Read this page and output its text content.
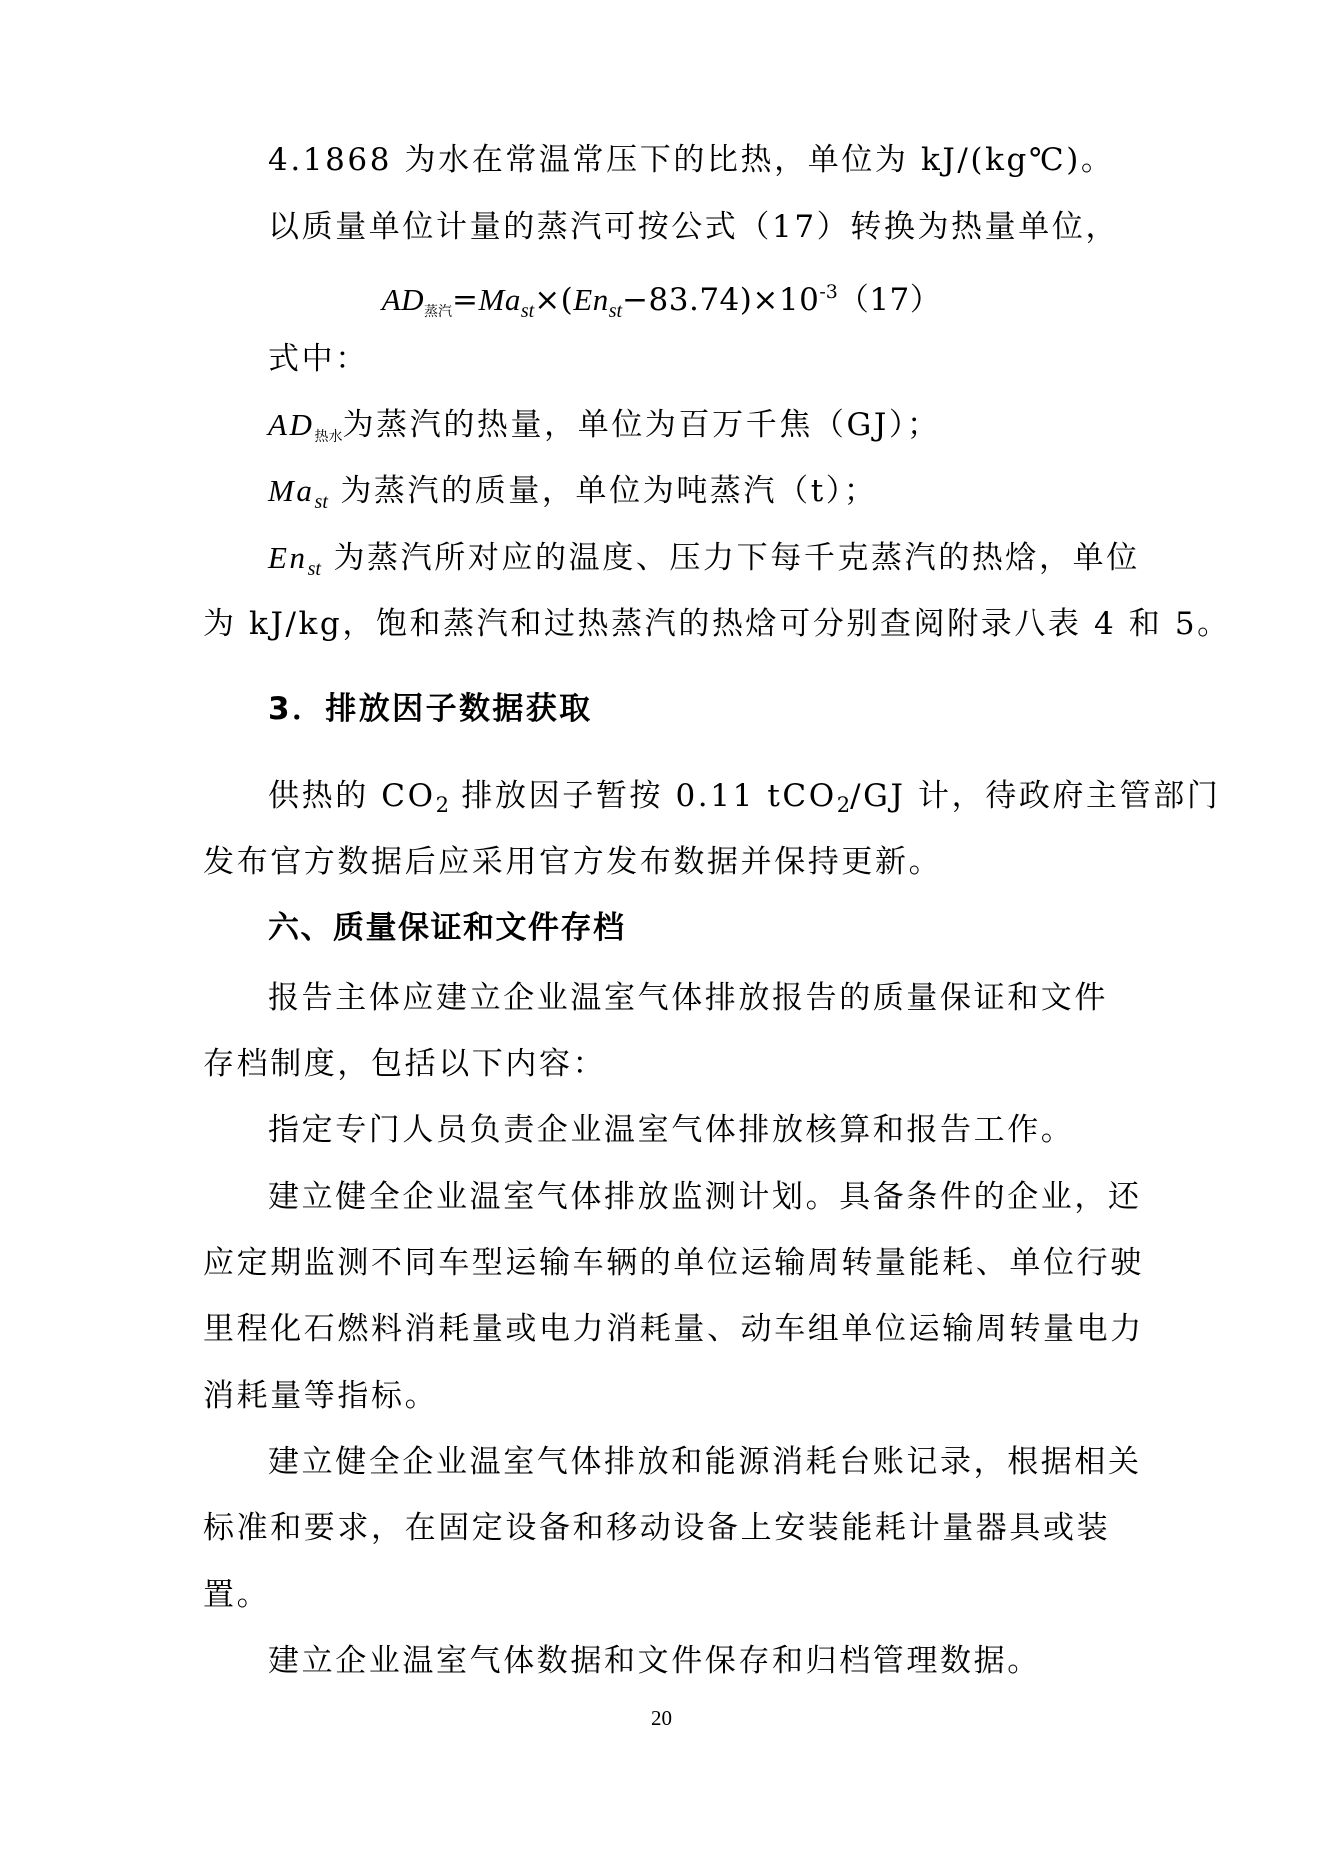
4.1868 为水在常温常压下的比热，单位为 kJ/(kg℃)。
以质量单位计量的蒸汽可按公式（17）转换为热量单位，
$AD_{蒸汽}=Ma_{st}\times(En_{st}-83.74)\times 10^{-3}(17)$
式中：
$AD_{热水}$为蒸汽的热量，单位为百万千焦（GJ）；
$Ma_{st}$ 为蒸汽的质量，单位为吨蒸汽（t）；
$En_{st}$ 为蒸汽所对应的温度、压力下每千克蒸汽的热焓，单位
为 kJ/kg，饱和蒸汽和过热蒸汽的热焓可分别查阅附录八表 4 和 5。
3．排放因子数据获取
供热的 CO2 排放因子暂按 0.11 tCO2/GJ 计，待政府主管部门
发布官方数据后应采用官方发布数据并保持更新。
六、质量保证和文件存档
报告主体应建立企业温室气体排放报告的质量保证和文件
存档制度，包括以下内容：
指定专门人员负责企业温室气体排放核算和报告工作。
建立健全企业温室气体排放监测计划。具备条件的企业，还
应定期监测不同车型运输车辆的单位运输周转量能耗、单位行驶
里程化石燃料消耗量或电力消耗量、动车组单位运输周转量电力
消耗量等指标。
建立健全企业温室气体排放和能源消耗台账记录，根据相关
标准和要求，在固定设备和移动设备上安装能耗计量器具或装
置。
建立企业温室气体数据和文件保存和归档管理数据。
20
